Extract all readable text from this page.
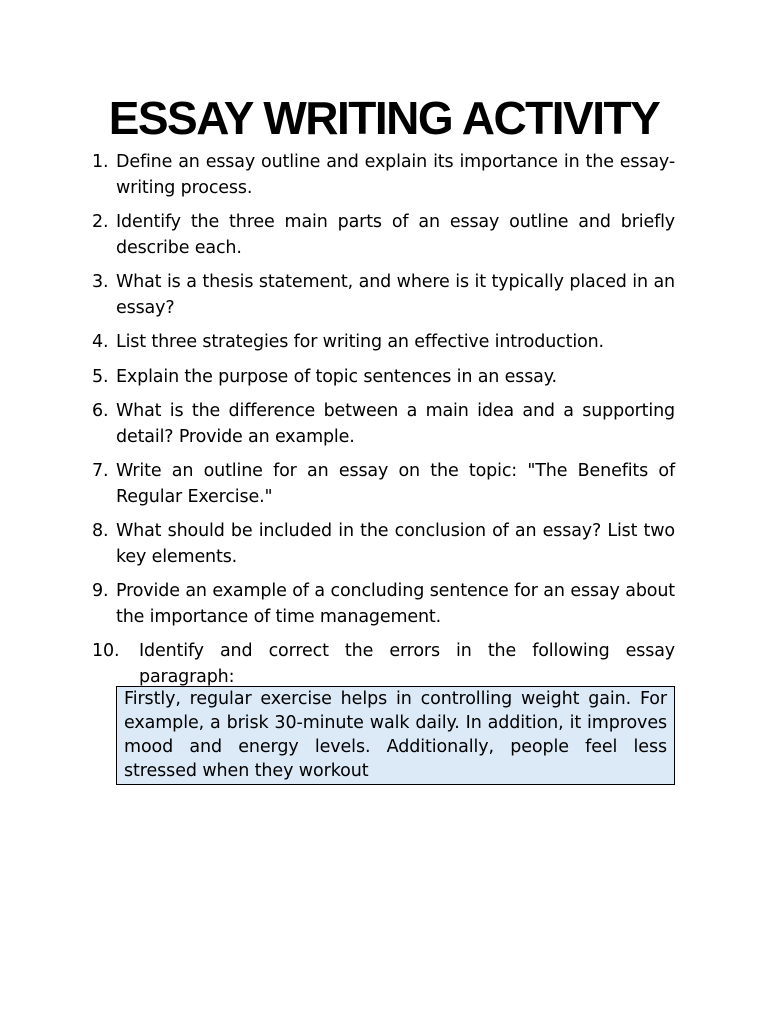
ESSAY WRITING ACTIVITY
1. Define an essay outline and explain its importance in the essay-writing process.
2. Identify the three main parts of an essay outline and briefly describe each.
3. What is a thesis statement, and where is it typically placed in an essay?
4. List three strategies for writing an effective introduction.
5. Explain the purpose of topic sentences in an essay.
6. What is the difference between a main idea and a supporting detail? Provide an example.
7. Write an outline for an essay on the topic: "The Benefits of Regular Exercise."
8. What should be included in the conclusion of an essay? List two key elements.
9. Provide an example of a concluding sentence for an essay about the importance of time management.
10. Identify and correct the errors in the following essay paragraph:
Firstly, regular exercise helps in controlling weight gain. For example, a brisk 30-minute walk daily. In addition, it improves mood and energy levels. Additionally, people feel less stressed when they workout
